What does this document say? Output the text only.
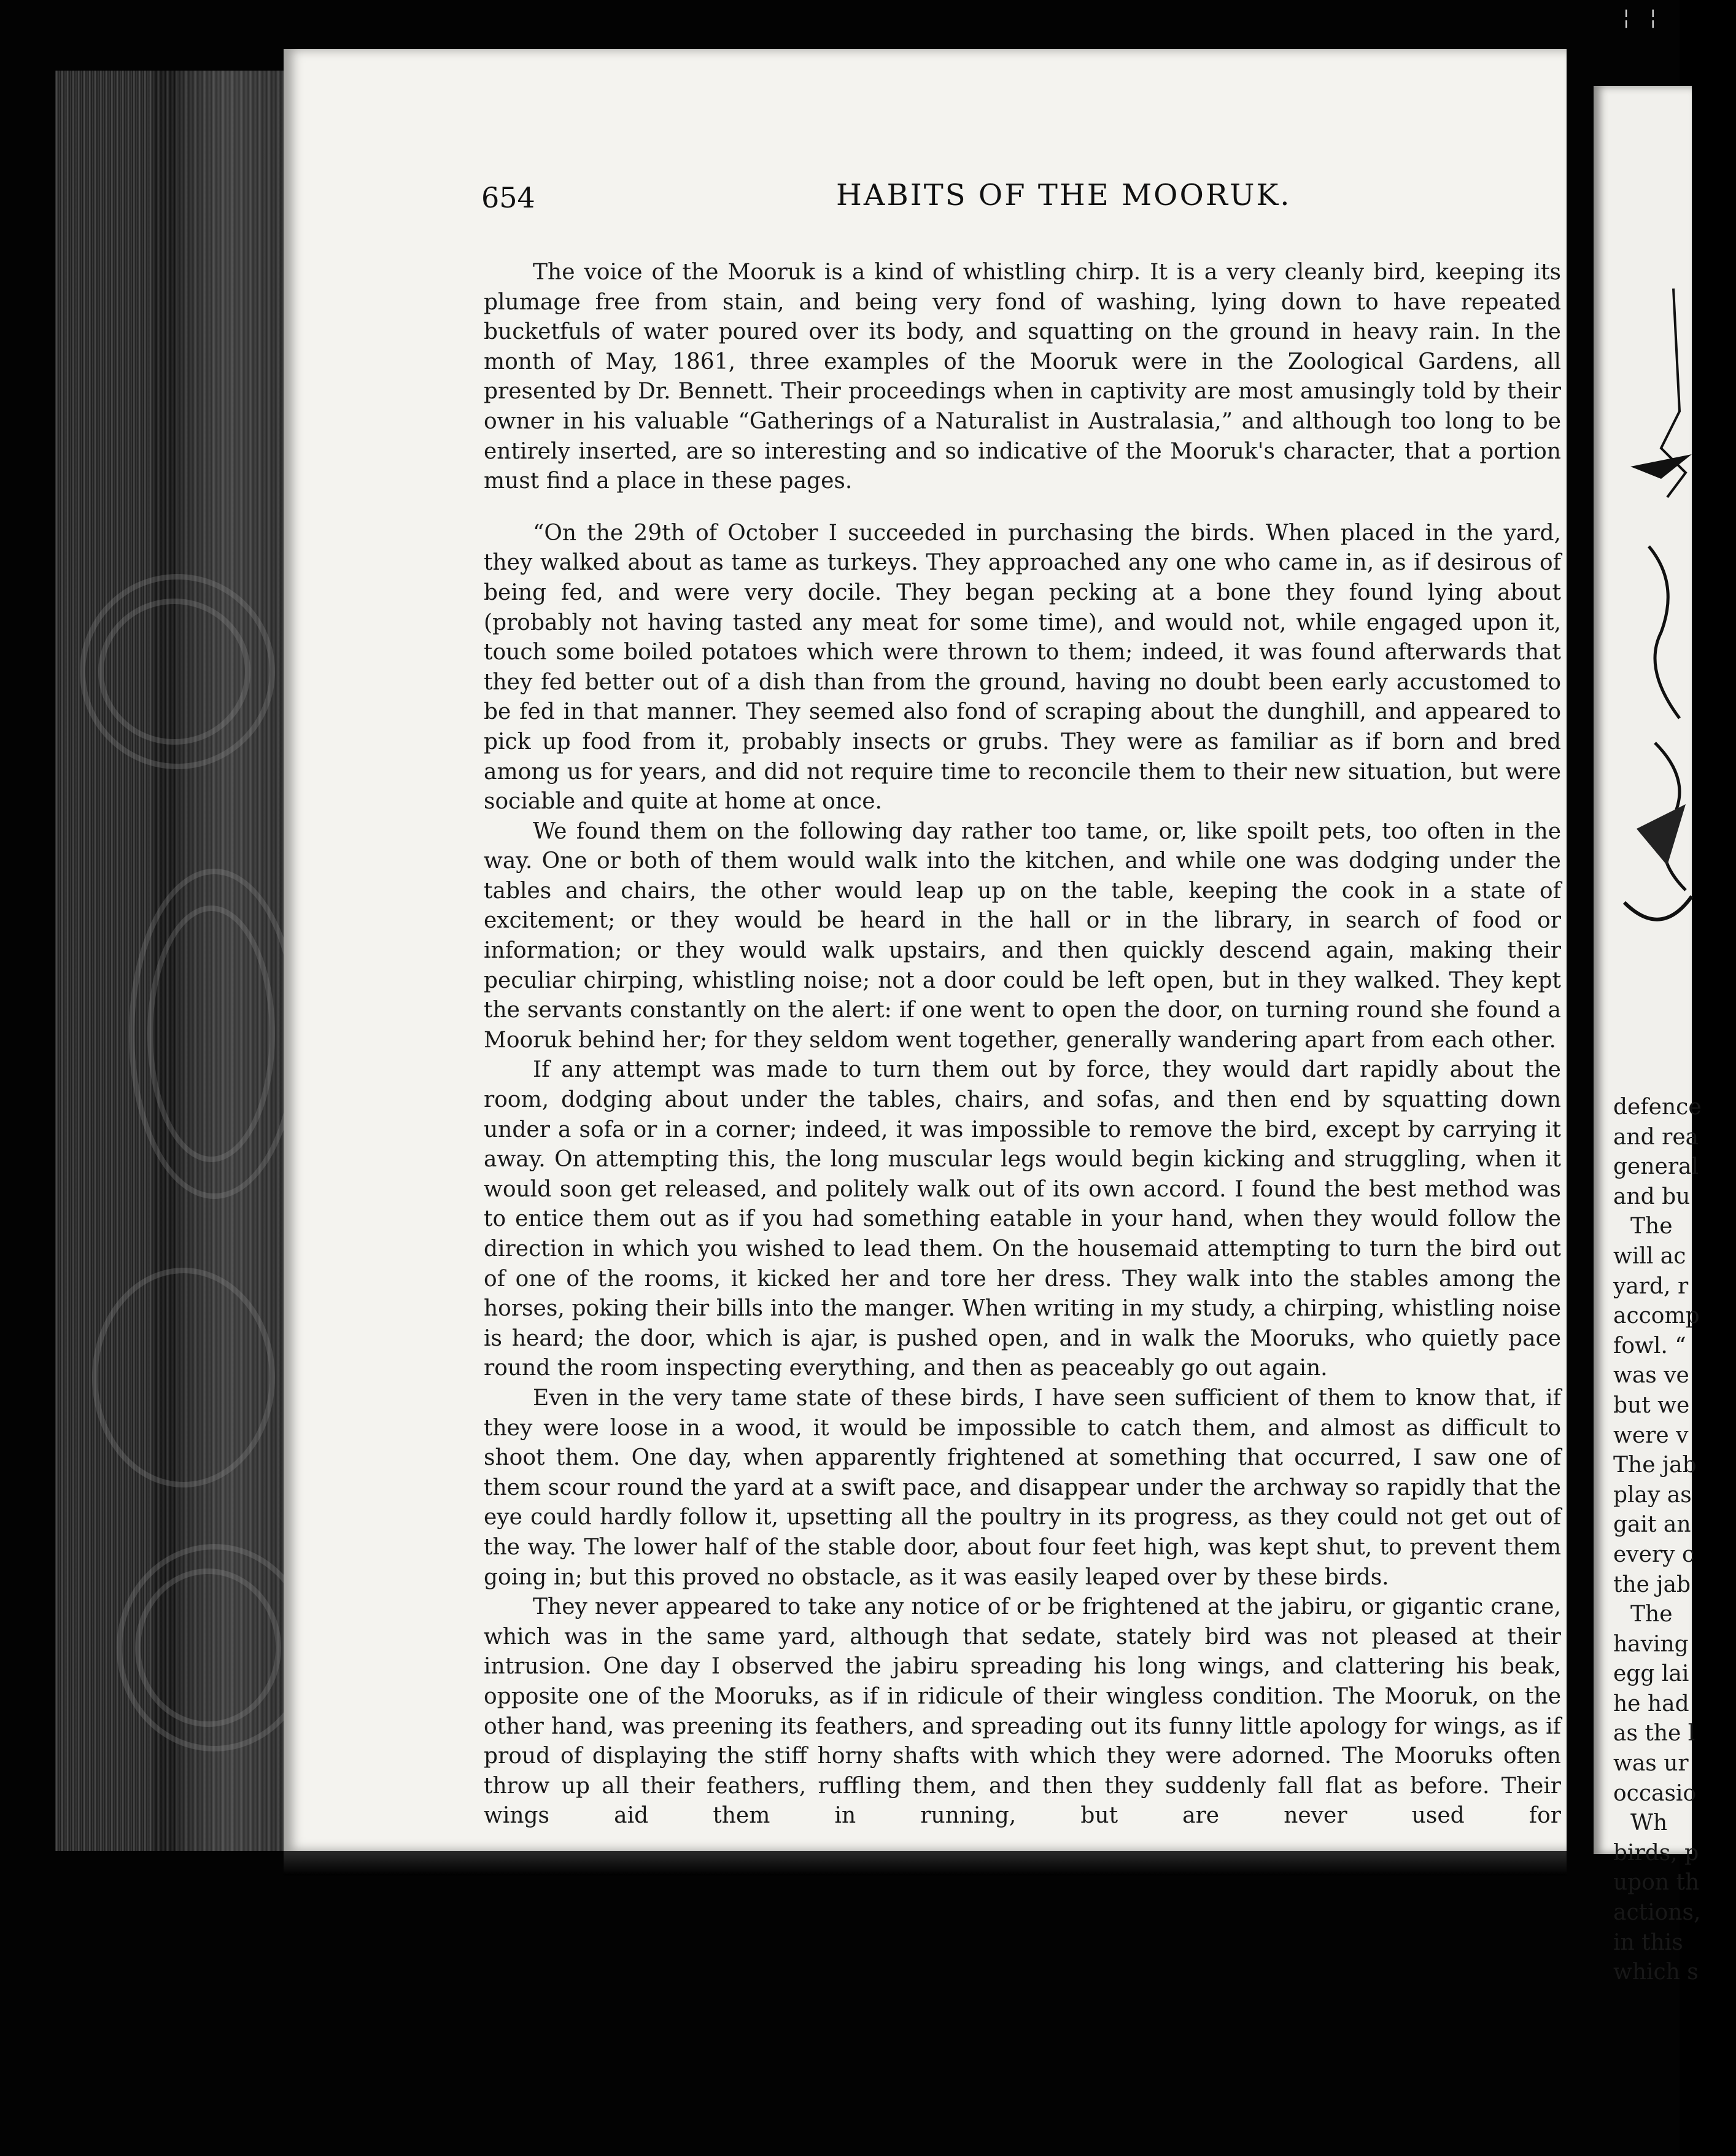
654	HABITS OF THE MOORUK.

The voice of the Mooruk is a kind of whistling chirp. It is a very cleanly bird, keeping its plumage free from stain, and being very fond of washing, lying down to have repeated bucketfuls of water poured over its body, and squatting on the ground in heavy rain. In the month of May, 1861, three examples of the Mooruk were in the Zoological Gardens, all presented by Dr. Bennett. Their proceedings when in captivity are most amusingly told by their owner in his valuable “Gatherings of a Naturalist in Australasia,” and although too long to be entirely inserted, are so interesting and so indicative of the Mooruk's character, that a portion must find a place in these pages.

“On the 29th of October I succeeded in purchasing the birds. When placed in the yard, they walked about as tame as turkeys. They approached any one who came in, as if desirous of being fed, and were very docile. They began pecking at a bone they found lying about (probably not having tasted any meat for some time), and would not, while engaged upon it, touch some boiled potatoes which were thrown to them; indeed, it was found afterwards that they fed better out of a dish than from the ground, having no doubt been early accustomed to be fed in that manner. They seemed also fond of scraping about the dunghill, and appeared to pick up food from it, probably insects or grubs. They were as familiar as if born and bred among us for years, and did not require time to reconcile them to their new situation, but were sociable and quite at home at once.

We found them on the following day rather too tame, or, like spoilt pets, too often in the way. One or both of them would walk into the kitchen, and while one was dodging under the tables and chairs, the other would leap up on the table, keeping the cook in a state of excitement; or they would be heard in the hall or in the library, in search of food or information; or they would walk upstairs, and then quickly descend again, making their peculiar chirping, whistling noise; not a door could be left open, but in they walked. They kept the servants constantly on the alert: if one went to open the door, on turning round she found a Mooruk behind her; for they seldom went together, generally wandering apart from each other.

If any attempt was made to turn them out by force, they would dart rapidly about the room, dodging about under the tables, chairs, and sofas, and then end by squatting down under a sofa or in a corner; indeed, it was impossible to remove the bird, except by carrying it away. On attempting this, the long muscular legs would begin kicking and struggling, when it would soon get released, and politely walk out of its own accord. I found the best method was to entice them out as if you had something eatable in your hand, when they would follow the direction in which you wished to lead them. On the housemaid attempting to turn the bird out of one of the rooms, it kicked her and tore her dress. They walk into the stables among the horses, poking their bills into the manger. When writing in my study, a chirping, whistling noise is heard; the door, which is ajar, is pushed open, and in walk the Mooruks, who quietly pace round the room inspecting everything, and then as peaceably go out again.

Even in the very tame state of these birds, I have seen sufficient of them to know that, if they were loose in a wood, it would be impossible to catch them, and almost as difficult to shoot them. One day, when apparently frightened at something that occurred, I saw one of them scour round the yard at a swift pace, and disappear under the archway so rapidly that the eye could hardly follow it, upsetting all the poultry in its progress, as they could not get out of the way. The lower half of the stable door, about four feet high, was kept shut, to prevent them going in; but this proved no obstacle, as it was easily leaped over by these birds.

They never appeared to take any notice of or be frightened at the jabiru, or gigantic crane, which was in the same yard, although that sedate, stately bird was not pleased at their intrusion. One day I observed the jabiru spreading his long wings, and clattering his beak, opposite one of the Mooruks, as if in ridicule of their wingless condition. The Mooruk, on the other hand, was preening its feathers, and spreading out its funny little apology for wings, as if proud of displaying the stiff horny shafts with which they were adorned. The Mooruks often throw up all their feathers, ruffling them, and then they suddenly fall flat as before. Their wings aid them in running, but are never used for

defence
and rea
general
and bu
The
will ac
yard, r
accomp
fowl. “
was ve
but we
were v
The jab
play as
gait an
every c
the jab
The
having
egg lai
he had
as the l
was ur
occasio
Wh
birds, p
upon th
actions,
in this
which s
╎ ╎
